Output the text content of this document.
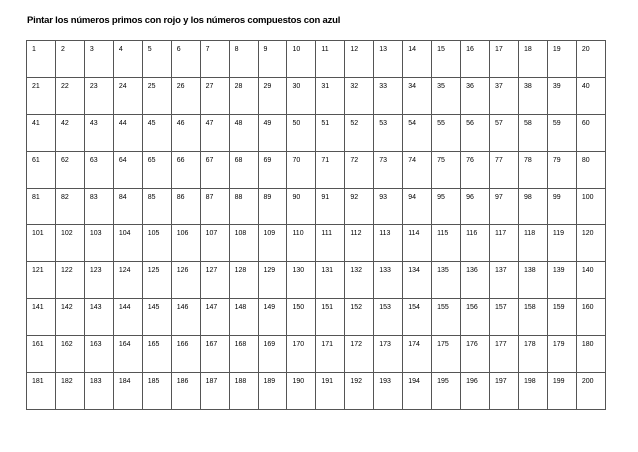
Pintar los números primos con rojo y los números compuestos con azul
1	2	3	4	5	6	7	8	9	10	11	12	13	14	15	16	17	18	19	20
21	22	23	24	25	26	27	28	29	30	31	32	33	34	35	36	37	38	39	40
41	42	43	44	45	46	47	48	49	50	51	52	53	54	55	56	57	58	59	60
61	62	63	64	65	66	67	68	69	70	71	72	73	74	75	76	77	78	79	80
81	82	83	84	85	86	87	88	89	90	91	92	93	94	95	96	97	98	99	100
101	102	103	104	105	106	107	108	109	110	111	112	113	114	115	116	117	118	119	120
121	122	123	124	125	126	127	128	129	130	131	132	133	134	135	136	137	138	139	140
141	142	143	144	145	146	147	148	149	150	151	152	153	154	155	156	157	158	159	160
161	162	163	164	165	166	167	168	169	170	171	172	173	174	175	176	177	178	179	180
181	182	183	184	185	186	187	188	189	190	191	192	193	194	195	196	197	198	199	200
